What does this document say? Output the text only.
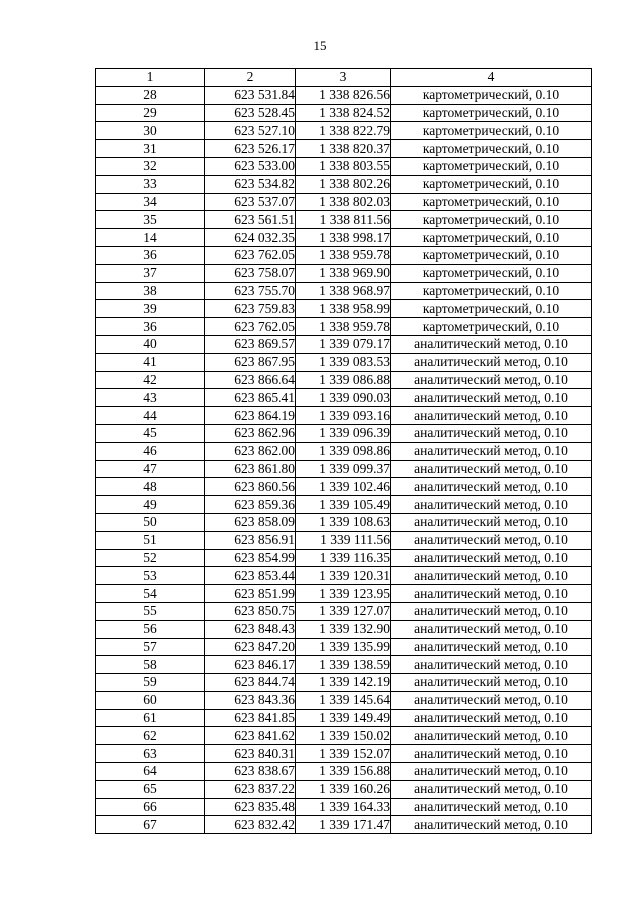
15
1	2	3	4
28	623 531.84	1 338 826.56	картометрический, 0.10
29	623 528.45	1 338 824.52	картометрический, 0.10
30	623 527.10	1 338 822.79	картометрический, 0.10
31	623 526.17	1 338 820.37	картометрический, 0.10
32	623 533.00	1 338 803.55	картометрический, 0.10
33	623 534.82	1 338 802.26	картометрический, 0.10
34	623 537.07	1 338 802.03	картометрический, 0.10
35	623 561.51	1 338 811.56	картометрический, 0.10
14	624 032.35	1 338 998.17	картометрический, 0.10
36	623 762.05	1 338 959.78	картометрический, 0.10
37	623 758.07	1 338 969.90	картометрический, 0.10
38	623 755.70	1 338 968.97	картометрический, 0.10
39	623 759.83	1 338 958.99	картометрический, 0.10
36	623 762.05	1 338 959.78	картометрический, 0.10
40	623 869.57	1 339 079.17	аналитический метод, 0.10
41	623 867.95	1 339 083.53	аналитический метод, 0.10
42	623 866.64	1 339 086.88	аналитический метод, 0.10
43	623 865.41	1 339 090.03	аналитический метод, 0.10
44	623 864.19	1 339 093.16	аналитический метод, 0.10
45	623 862.96	1 339 096.39	аналитический метод, 0.10
46	623 862.00	1 339 098.86	аналитический метод, 0.10
47	623 861.80	1 339 099.37	аналитический метод, 0.10
48	623 860.56	1 339 102.46	аналитический метод, 0.10
49	623 859.36	1 339 105.49	аналитический метод, 0.10
50	623 858.09	1 339 108.63	аналитический метод, 0.10
51	623 856.91	1 339 111.56	аналитический метод, 0.10
52	623 854.99	1 339 116.35	аналитический метод, 0.10
53	623 853.44	1 339 120.31	аналитический метод, 0.10
54	623 851.99	1 339 123.95	аналитический метод, 0.10
55	623 850.75	1 339 127.07	аналитический метод, 0.10
56	623 848.43	1 339 132.90	аналитический метод, 0.10
57	623 847.20	1 339 135.99	аналитический метод, 0.10
58	623 846.17	1 339 138.59	аналитический метод, 0.10
59	623 844.74	1 339 142.19	аналитический метод, 0.10
60	623 843.36	1 339 145.64	аналитический метод, 0.10
61	623 841.85	1 339 149.49	аналитический метод, 0.10
62	623 841.62	1 339 150.02	аналитический метод, 0.10
63	623 840.31	1 339 152.07	аналитический метод, 0.10
64	623 838.67	1 339 156.88	аналитический метод, 0.10
65	623 837.22	1 339 160.26	аналитический метод, 0.10
66	623 835.48	1 339 164.33	аналитический метод, 0.10
67	623 832.42	1 339 171.47	аналитический метод, 0.10
